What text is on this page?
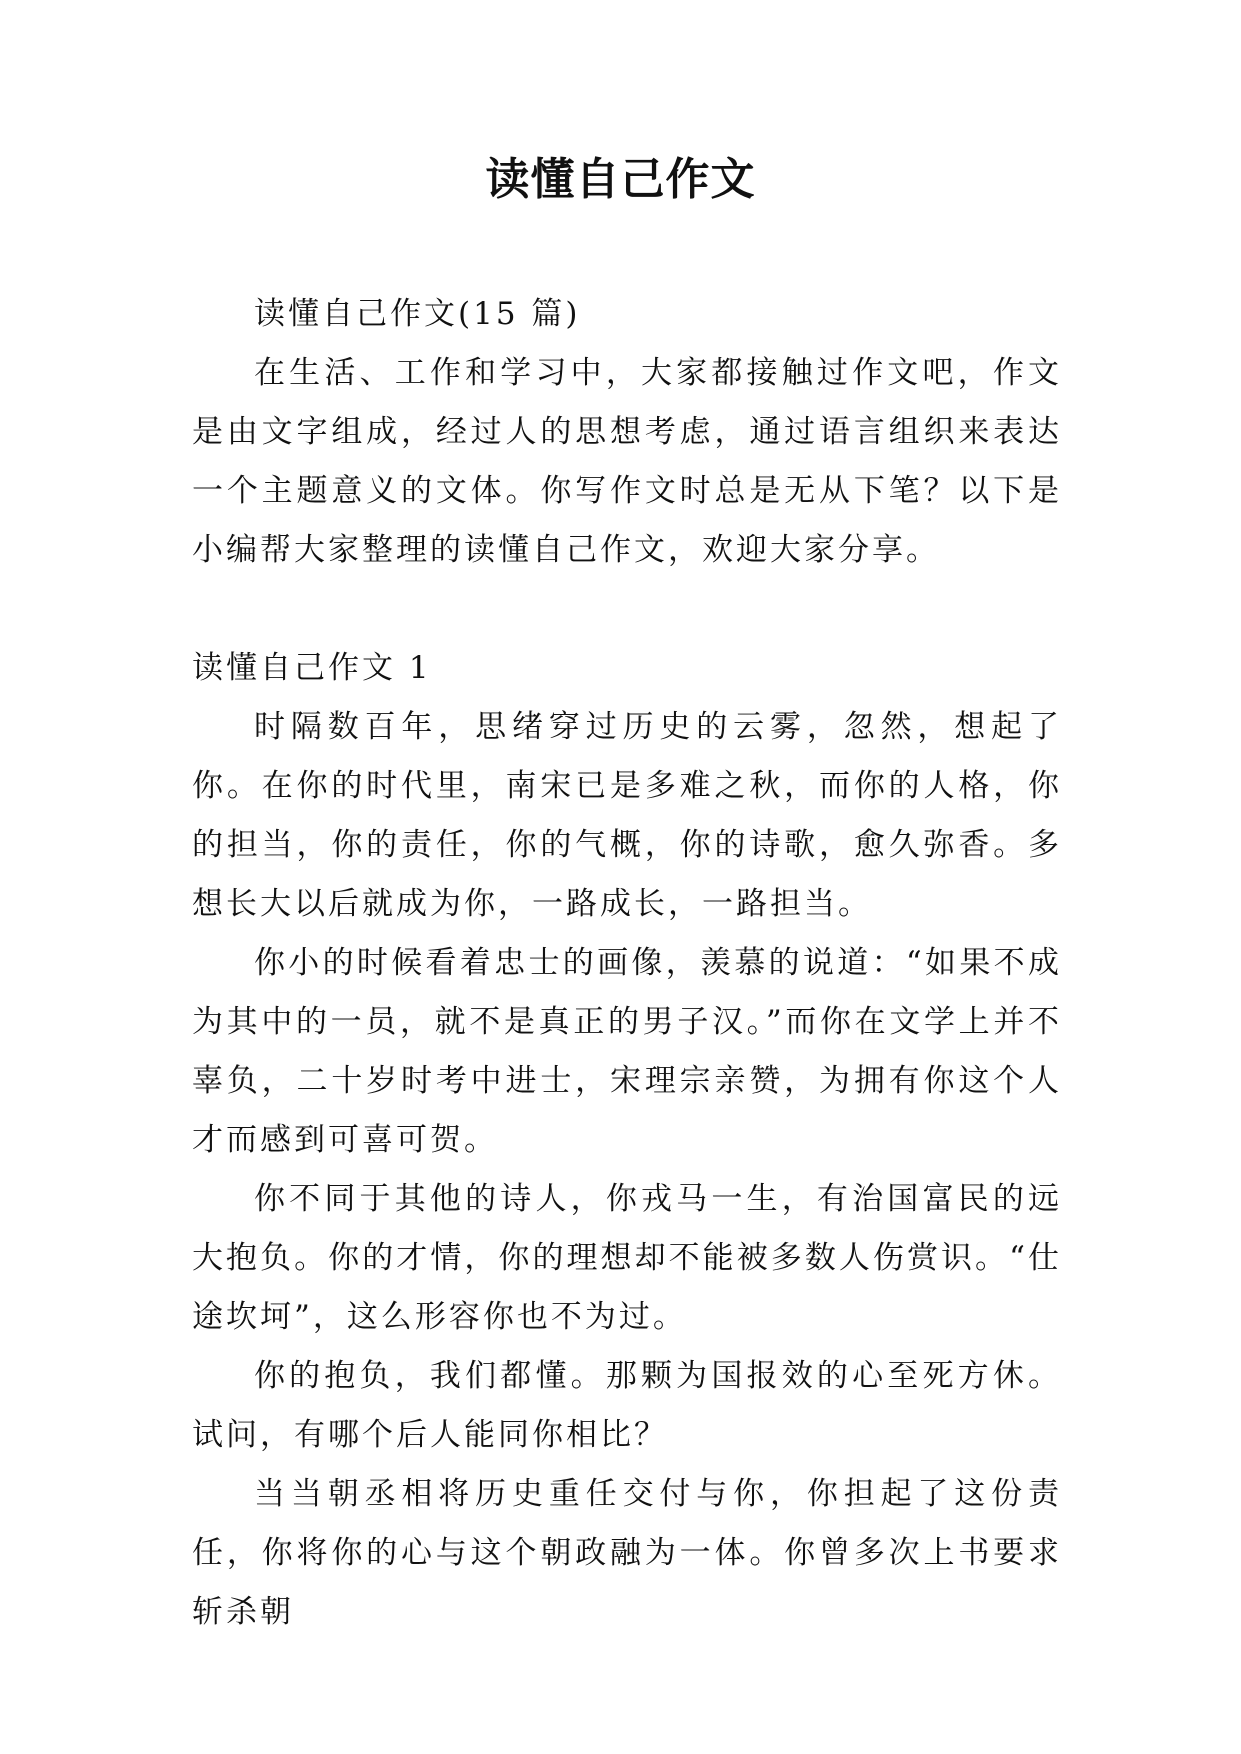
读懂自己作文

读懂自己作文(15 篇)

在生活、工作和学习中，大家都接触过作文吧，作文是由文字组成，经过人的思想考虑，通过语言组织来表达一个主题意义的文体。你写作文时总是无从下笔？以下是小编帮大家整理的读懂自己作文，欢迎大家分享。

读懂自己作文 1

时隔数百年，思绪穿过历史的云雾，忽然，想起了你。在你的时代里，南宋已是多难之秋，而你的人格，你的担当，你的责任，你的气概，你的诗歌，愈久弥香。多想长大以后就成为你，一路成长，一路担当。

你小的时候看着忠士的画像，羡慕的说道：“如果不成为其中的一员，就不是真正的男子汉。”而你在文学上并不辜负，二十岁时考中进士，宋理宗亲赞，为拥有你这个人才而感到可喜可贺。

你不同于其他的诗人，你戎马一生，有治国富民的远大抱负。你的才情，你的理想却不能被多数人伤赏识。“仕途坎坷”，这么形容你也不为过。

你的抱负，我们都懂。那颗为国报效的心至死方休。试问，有哪个后人能同你相比？

当当朝丞相将历史重任交付与你，你担起了这份责任，你将你的心与这个朝政融为一体。你曾多次上书要求斩杀朝
